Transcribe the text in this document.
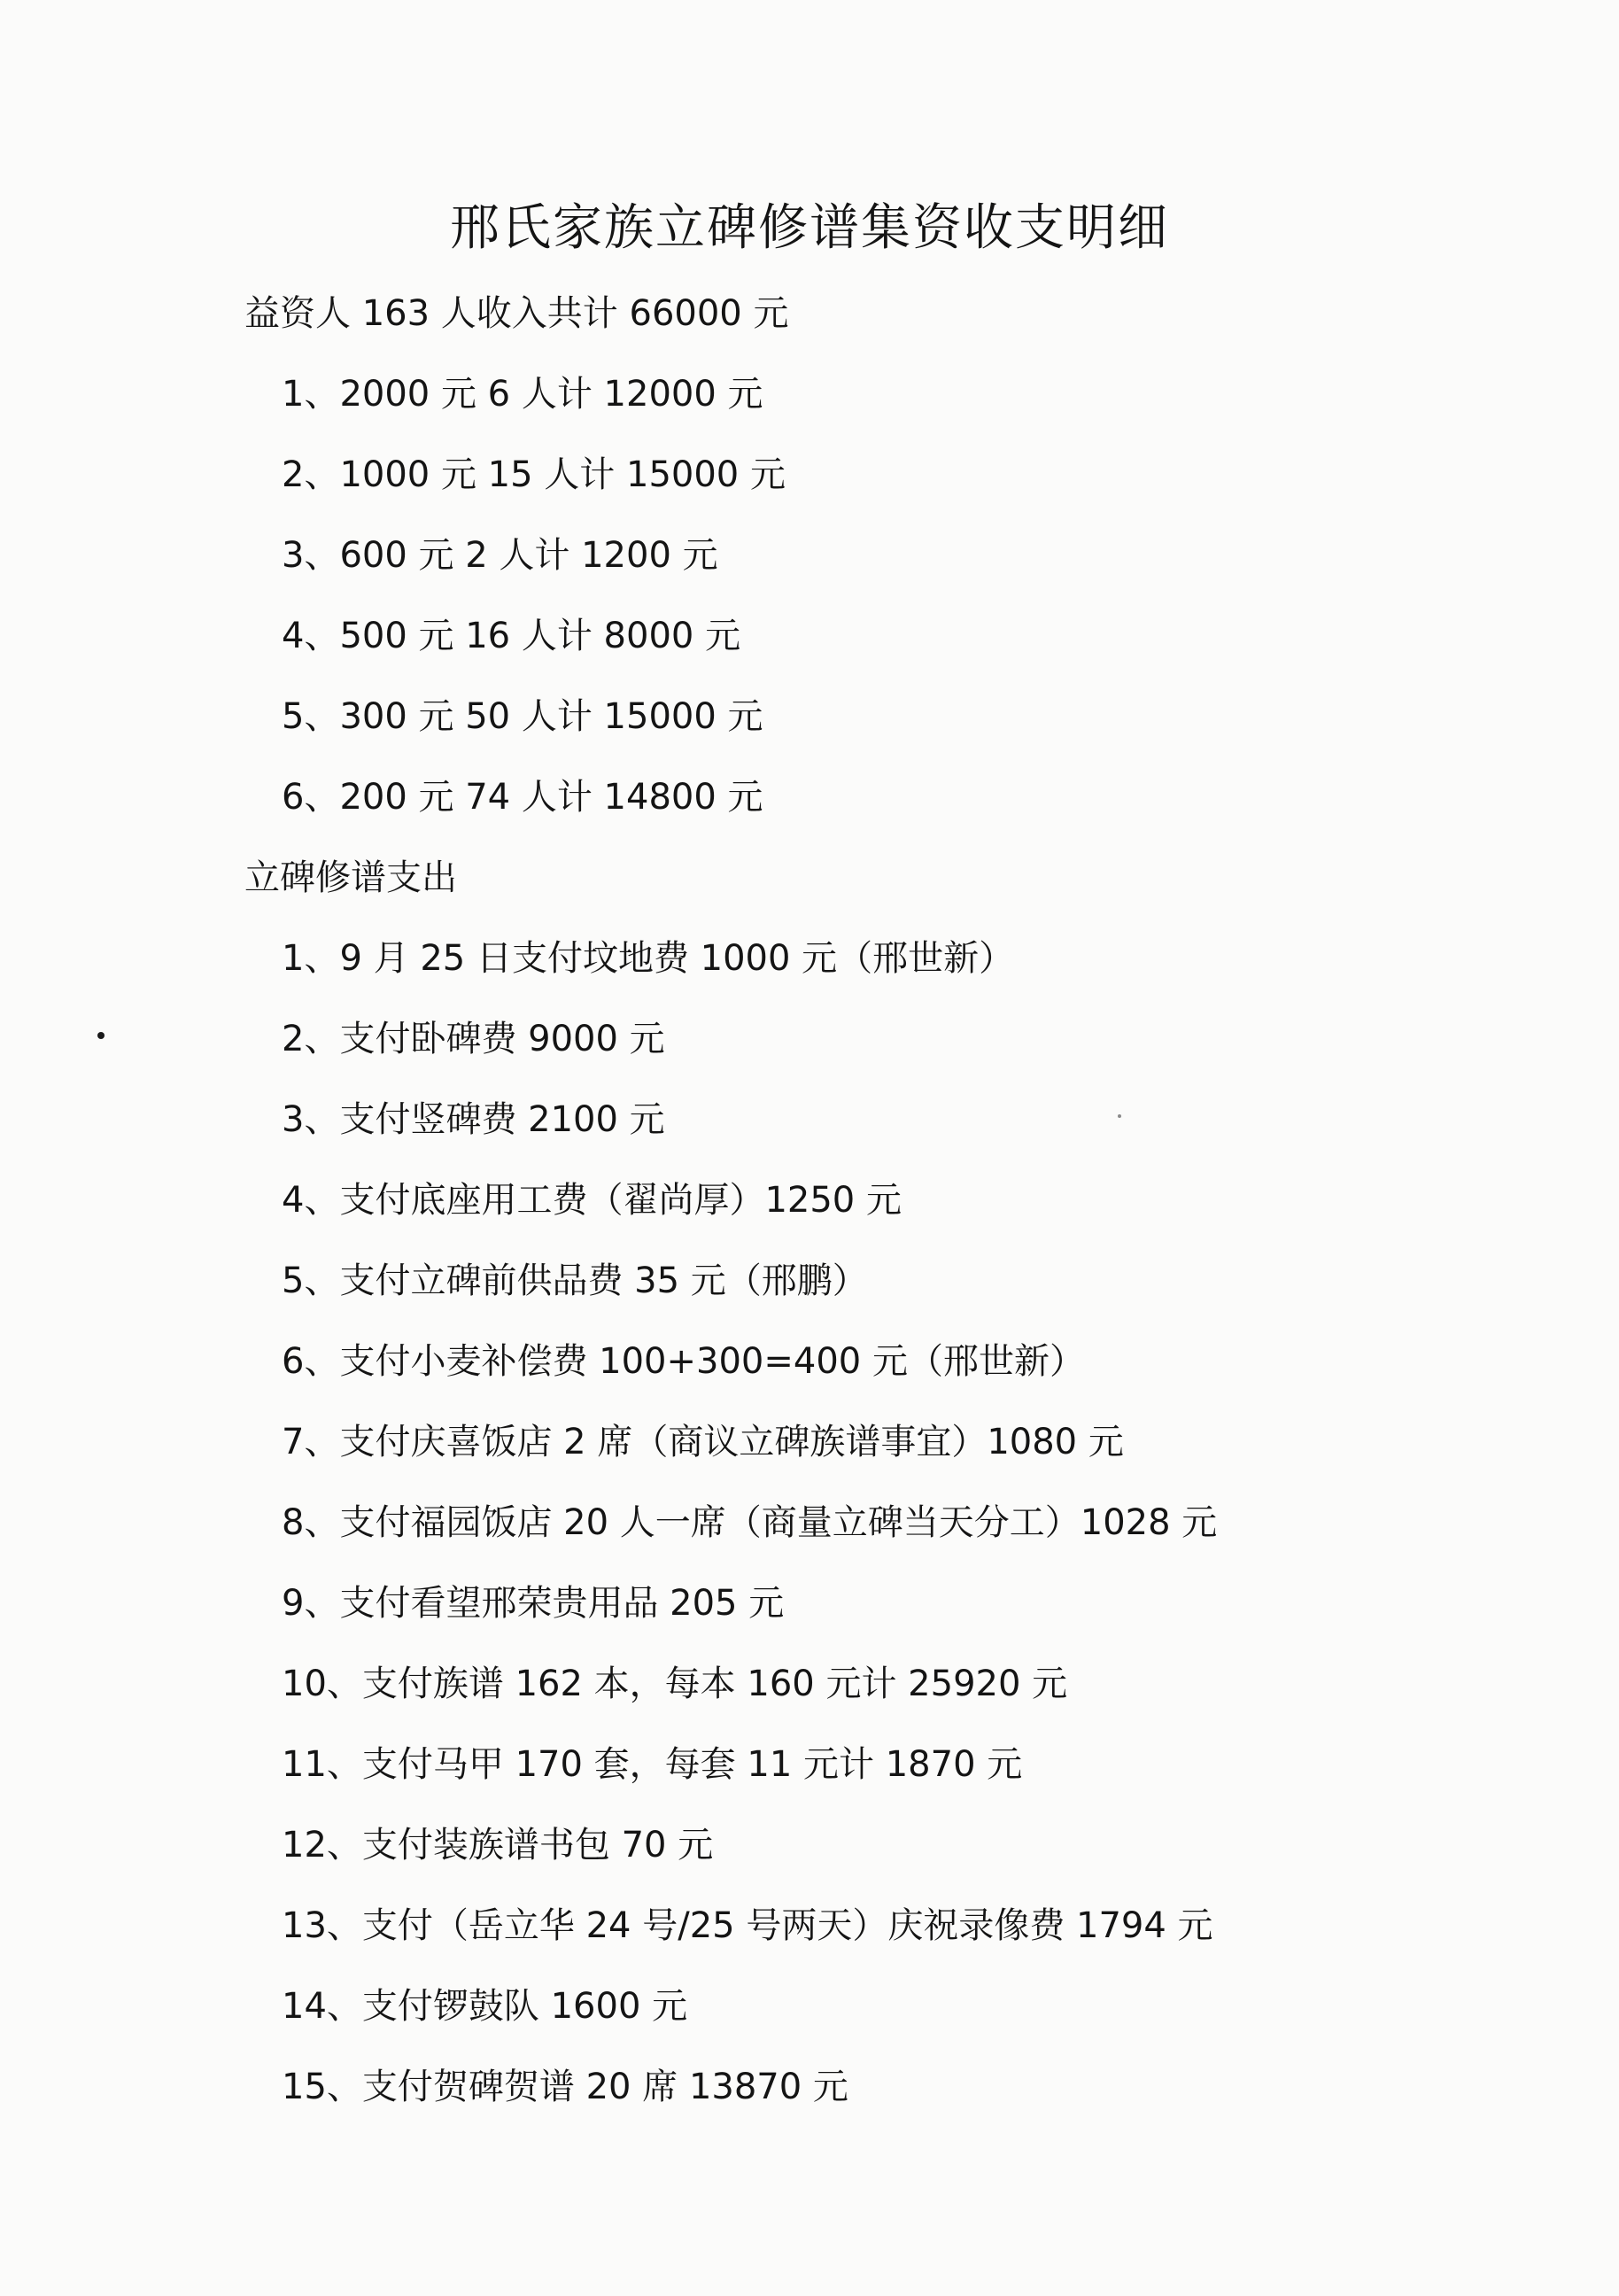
邢氏家族立碑修谱集资收支明细
益资人 163 人收入共计 66000 元
1、2000 元 6 人计 12000 元
2、1000 元 15 人计 15000 元
3、600 元 2 人计 1200 元
4、500 元 16 人计 8000 元
5、300 元 50 人计 15000 元
6、200 元 74 人计 14800 元
立碑修谱支出
1、9 月 25 日支付坟地费 1000 元（邢世新）
2、支付卧碑费 9000 元
3、支付竖碑费 2100 元
4、支付底座用工费（翟尚厚）1250 元
5、支付立碑前供品费 35 元（邢鹏）
6、支付小麦补偿费 100+300=400 元（邢世新）
7、支付庆喜饭店 2 席（商议立碑族谱事宜）1080 元
8、支付福园饭店 20 人一席（商量立碑当天分工）1028 元
9、支付看望邢荣贵用品 205 元
10、支付族谱 162 本，每本 160 元计 25920 元
11、支付马甲 170 套，每套 11 元计 1870 元
12、支付装族谱书包 70 元
13、支付（岳立华 24 号/25 号两天）庆祝录像费 1794 元
14、支付锣鼓队 1600 元
15、支付贺碑贺谱 20 席 13870 元
